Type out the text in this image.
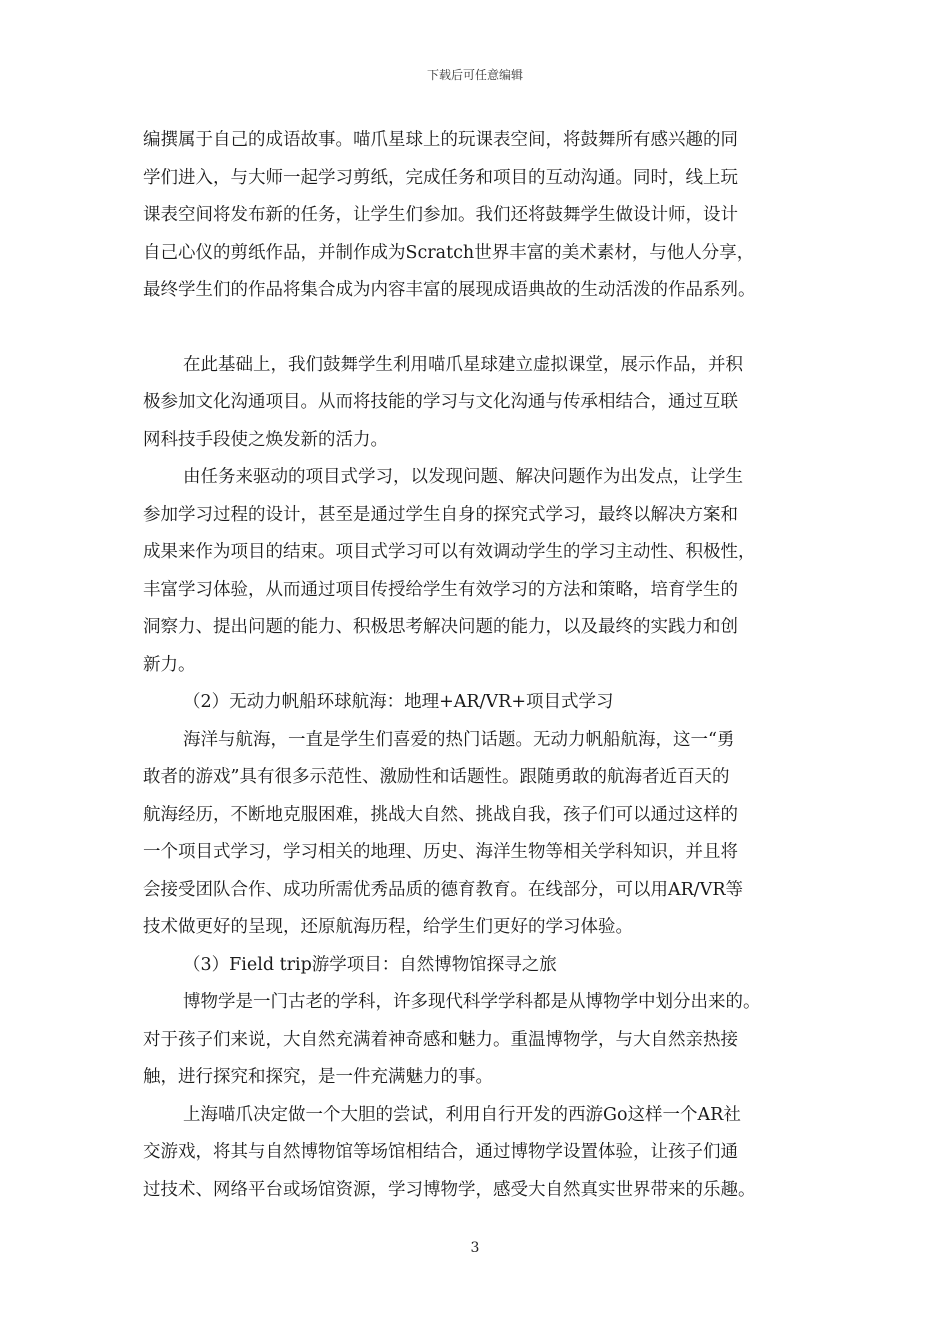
下载后可任意编辑
编撰属于自己的成语故事。喵爪星球上的玩课表空间，将鼓舞所有感兴趣的同
学们进入，与大师一起学习剪纸，完成任务和项目的互动沟通。同时，线上玩
课表空间将发布新的任务，让学生们参加。我们还将鼓舞学生做设计师，设计
自己心仪的剪纸作品，并制作成为Scratch世界丰富的美术素材，与他人分享，
最终学生们的作品将集合成为内容丰富的展现成语典故的生动活泼的作品系列。
在此基础上，我们鼓舞学生利用喵爪星球建立虚拟课堂，展示作品，并积
极参加文化沟通项目。从而将技能的学习与文化沟通与传承相结合，通过互联
网科技手段使之焕发新的活力。
由任务来驱动的项目式学习，以发现问题、解决问题作为出发点，让学生
参加学习过程的设计，甚至是通过学生自身的探究式学习，最终以解决方案和
成果来作为项目的结束。项目式学习可以有效调动学生的学习主动性、积极性，
丰富学习体验，从而通过项目传授给学生有效学习的方法和策略，培育学生的
洞察力、提出问题的能力、积极思考解决问题的能力，以及最终的实践力和创
新力。

（2）无动力帆船环球航海：地理+AR/VR+项目式学习

海洋与航海，一直是学生们喜爱的热门话题。无动力帆船航海，这一“勇
敢者的游戏”具有很多示范性、激励性和话题性。跟随勇敢的航海者近百天的
航海经历，不断地克服困难，挑战大自然、挑战自我，孩子们可以通过这样的
一个项目式学习，学习相关的地理、历史、海洋生物等相关学科知识，并且将
会接受团队合作、成功所需优秀品质的德育教育。在线部分，可以用AR/VR等
技术做更好的呈现，还原航海历程，给学生们更好的学习体验。

（3）Field trip游学项目：自然博物馆探寻之旅

博物学是一门古老的学科，许多现代科学学科都是从博物学中划分出来的。
对于孩子们来说，大自然充满着神奇感和魅力。重温博物学，与大自然亲热接
触，进行探究和探究，是一件充满魅力的事。
上海喵爪决定做一个大胆的尝试，利用自行开发的西游Go这样一个AR社
交游戏，将其与自然博物馆等场馆相结合，通过博物学设置体验，让孩子们通
过技术、网络平台或场馆资源，学习博物学，感受大自然真实世界带来的乐趣。
3
